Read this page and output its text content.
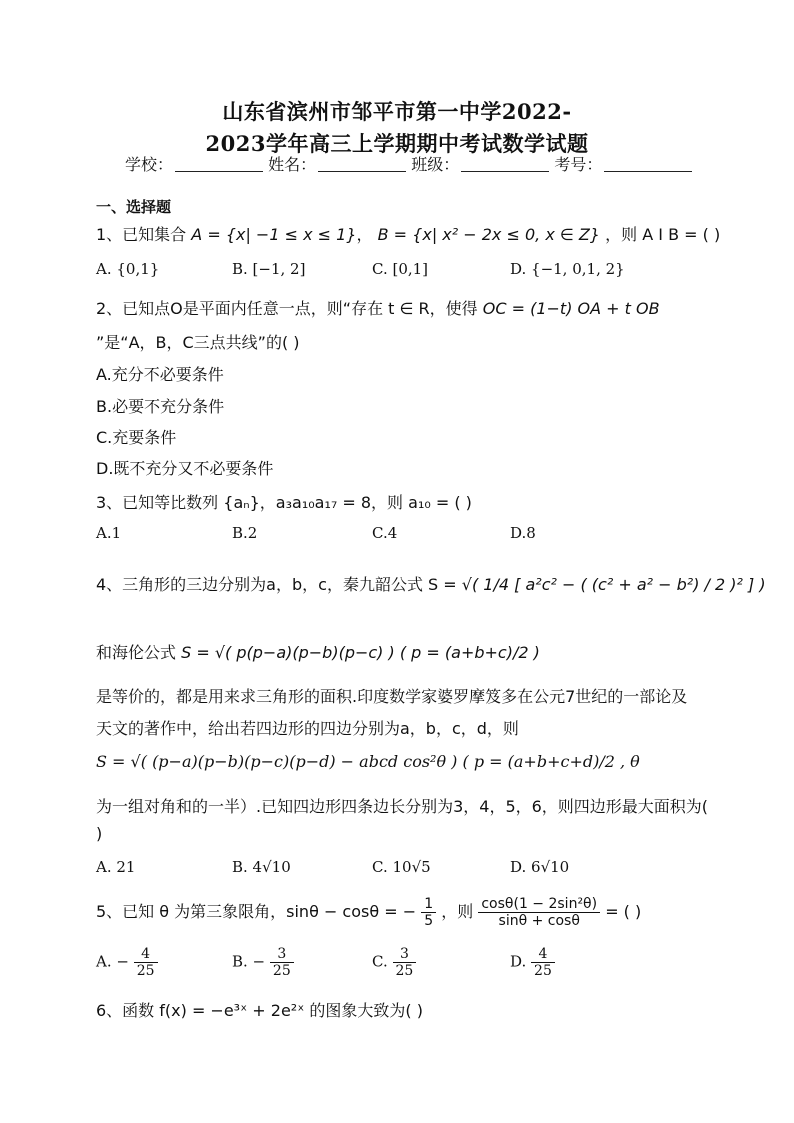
山东省滨州市邹平市第一中学2022-
2023学年高三上学期期中考试数学试题
学校：	姓名：	班级：	考号：
一、选择题
1、已知集合 A = {x| −1 ≤ x ≤ 1}， B = {x| x² − 2x ≤ 0, x ∈ Z} ，则 A I B = ( )
A. {0,1}	B. [−1, 2]	C. [0,1]	D. {−1, 0,1, 2}
2、已知点O是平面内任意一点，则“存在 t ∈ R，使得 OC = (1−t) OA + t OB
”是“A，B，C三点共线”的( )
A.充分不必要条件
B.必要不充分条件
C.充要条件
D.既不充分又不必要条件
3、已知等比数列 {aₙ}，a₃a₁₀a₁₇ = 8，则 a₁₀ = ( )
A.1	B.2	C.4	D.8
4、三角形的三边分别为a，b，c，秦九韶公式 S = √( 1/4 [ a²c² − ( (c² + a² − b²) / 2 )² ] )
和海伦公式 S = √( p(p−a)(p−b)(p−c) ) ( p = (a+b+c)/2 )
是等价的，都是用来求三角形的面积.印度数学家婆罗摩笈多在公元7世纪的一部论及
天文的著作中，给出若四边形的四边分别为a，b，c，d，则
S = √( (p−a)(p−b)(p−c)(p−d) − abcd cos²θ ) ( p = (a+b+c+d)/2 , θ
为一组对角和的一半）.已知四边形四条边长分别为3，4，5，6，则四边形最大面积为(
)
A. 21	B. 4√10	C. 10√5	D. 6√10
5、已知 θ 为第三象限角，sinθ − cosθ = − $\frac{1}{5}$ ，则 $\frac{\text{cosθ(1 − 2sin²θ)}}{\sin\theta + \cos\theta}$ = ( )
A. − $\frac{4}{25}$	B. − $\frac{3}{25}$	C. $\frac{3}{25}$	D. $\frac{4}{25}$
6、函数 f(x) = −e³ˣ + 2e²ˣ 的图象大致为( )
